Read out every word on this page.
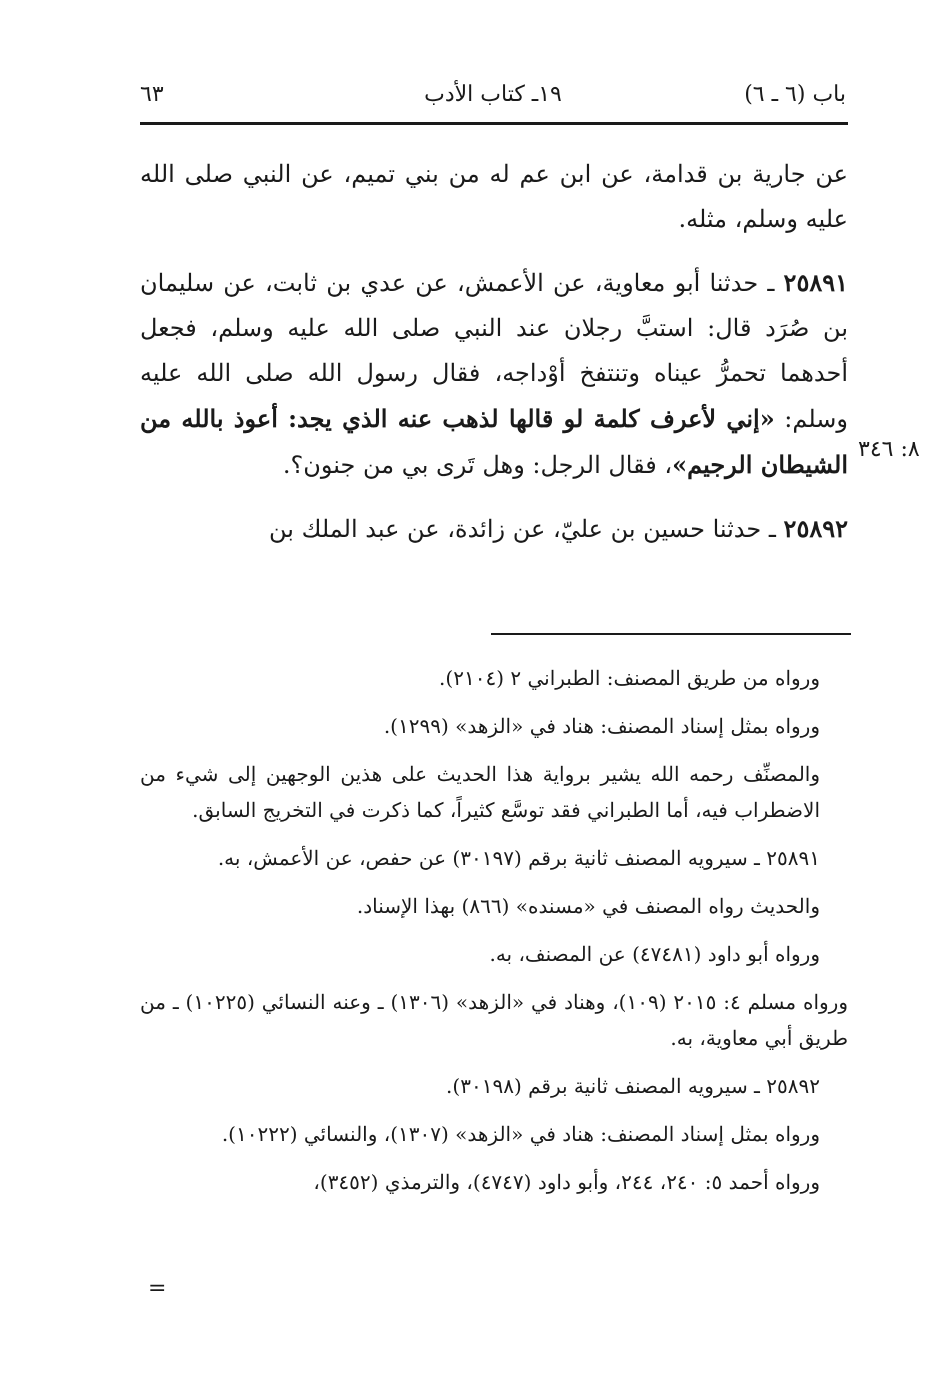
باب (٦ ـ ٦)
١٩ـ كتاب الأدب
٦٣

عن جارية بن قدامة، عن ابن عم له من بني تميم، عن النبي صلى الله عليه وسلم، مثله.

٢٥٨٩١ ـ حدثنا أبو معاوية، عن الأعمش، عن عدي بن ثابت، عن سليمان بن صُرَد قال: استبَّ رجلان عند النبي صلى الله عليه وسلم، فجعل أحدهما تحمرُّ عيناه وتنتفخ أوْداجه، فقال رسول الله صلى الله عليه وسلم: «إني لأعرف كلمة لو قالها لذهب عنه الذي يجد: أعوذ بالله من الشيطان الرجيم»، فقال الرجل: وهل تَرى بي من جنون؟.

٢٥٨٩٢ ـ حدثنا حسين بن عليّ، عن زائدة، عن عبد الملك بن

٨: ٣٤٦

ورواه من طريق المصنف: الطبراني ٢ (٢١٠٤).

ورواه بمثل إسناد المصنف: هناد في «الزهد» (١٢٩٩).

والمصنِّف رحمه الله يشير برواية هذا الحديث على هذين الوجهين إلى شيء من الاضطراب فيه، أما الطبراني فقد توسَّع كثيراً، كما ذكرت في التخريج السابق.

٢٥٨٩١ ـ سيرويه المصنف ثانية برقم (٣٠١٩٧) عن حفص، عن الأعمش، به.

والحديث رواه المصنف في «مسنده» (٨٦٦) بهذا الإسناد.

ورواه أبو داود (٤٧٤٨١) عن المصنف، به.

ورواه مسلم ٤: ٢٠١٥ (١٠٩)، وهناد في «الزهد» (١٣٠٦) ـ وعنه النسائي (١٠٢٢٥) ـ من طريق أبي معاوية، به.

٢٥٨٩٢ ـ سيرويه المصنف ثانية برقم (٣٠١٩٨).

ورواه بمثل إسناد المصنف: هناد في «الزهد» (١٣٠٧)، والنسائي (١٠٢٢٢).

ورواه أحمد ٥: ٢٤٠، ٢٤٤، وأبو داود (٤٧٤٧)، والترمذي (٣٤٥٢)،

=
